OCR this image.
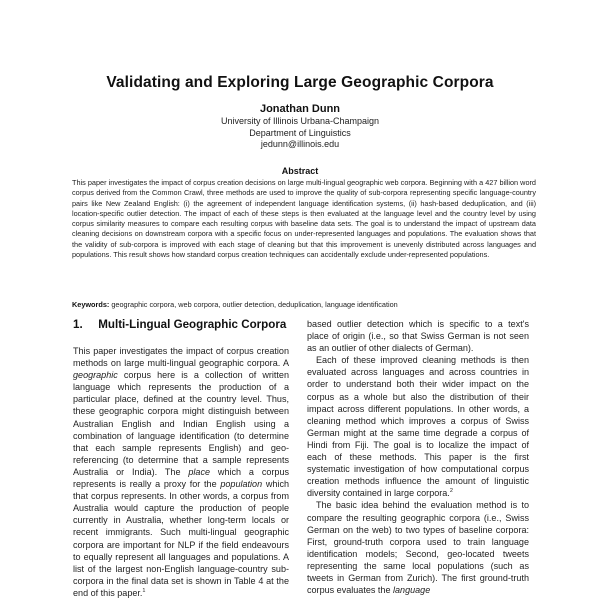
Validating and Exploring Large Geographic Corpora
Jonathan Dunn
University of Illinois Urbana-Champaign
Department of Linguistics
jedunn@illinois.edu
Abstract
This paper investigates the impact of corpus creation decisions on large multi-lingual geographic web corpora. Beginning with a 427 billion word corpus derived from the Common Crawl, three methods are used to improve the quality of sub-corpora representing specific language-country pairs like New Zealand English: (i) the agreement of independent language identification systems, (ii) hash-based deduplication, and (iii) location-specific outlier detection. The impact of each of these steps is then evaluated at the language level and the country level by using corpus similarity measures to compare each resulting corpus with baseline data sets. The goal is to understand the impact of upstream data cleaning decisions on downstream corpora with a specific focus on under-represented languages and populations. The evaluation shows that the validity of sub-corpora is improved with each stage of cleaning but that this improvement is unevenly distributed across languages and populations. This result shows how standard corpus creation techniques can accidentally exclude under-represented populations.
Keywords: geographic corpora, web corpora, outlier detection, deduplication, language identification
1. Multi-Lingual Geographic Corpora

This paper investigates the impact of corpus creation methods on large multi-lingual geographic corpora. A geographic corpus here is a collection of written language which represents the production of a particular place, defined at the country level. Thus, these geographic corpora might distinguish between Australian English and Indian English using a combination of language identification (to determine that each sample represents English) and geo-referencing (to determine that a sample represents Australia or India). The place which a corpus represents is really a proxy for the population which that corpus represents. In other words, a corpus from Australia would capture the production of people currently in Australia, whether long-term locals or recent immigrants. Such multi-lingual geographic corpora are important for NLP if the field endeavours to equally represent all languages and populations. A list of the largest non-English language-country sub-corpora in the final data set is shown in Table 4 at the end of this paper.$^1$

based outlier detection which is specific to a text's place of origin (i.e., so that Swiss German is not seen as an outlier of other dialects of German).

Each of these improved cleaning methods is then evaluated across languages and across countries in order to understand both their wider impact on the corpus as a whole but also the distribution of their impact across different populations. In other words, a cleaning method which improves a corpus of Swiss German might at the same time degrade a corpus of Hindi from Fiji. The goal is to localize the impact of each of these methods. This paper is the first systematic investigation of how computational corpus creation methods influence the amount of linguistic diversity contained in large corpora.$^2$

The basic idea behind the evaluation method is to compare the resulting geographic corpora (i.e., Swiss German on the web) to two types of baseline corpora: First, ground-truth corpora used to train language identification models; Second, geo-located tweets representing the same local populations (such as tweets in German from Zurich). The first ground-truth corpus evaluates the language
